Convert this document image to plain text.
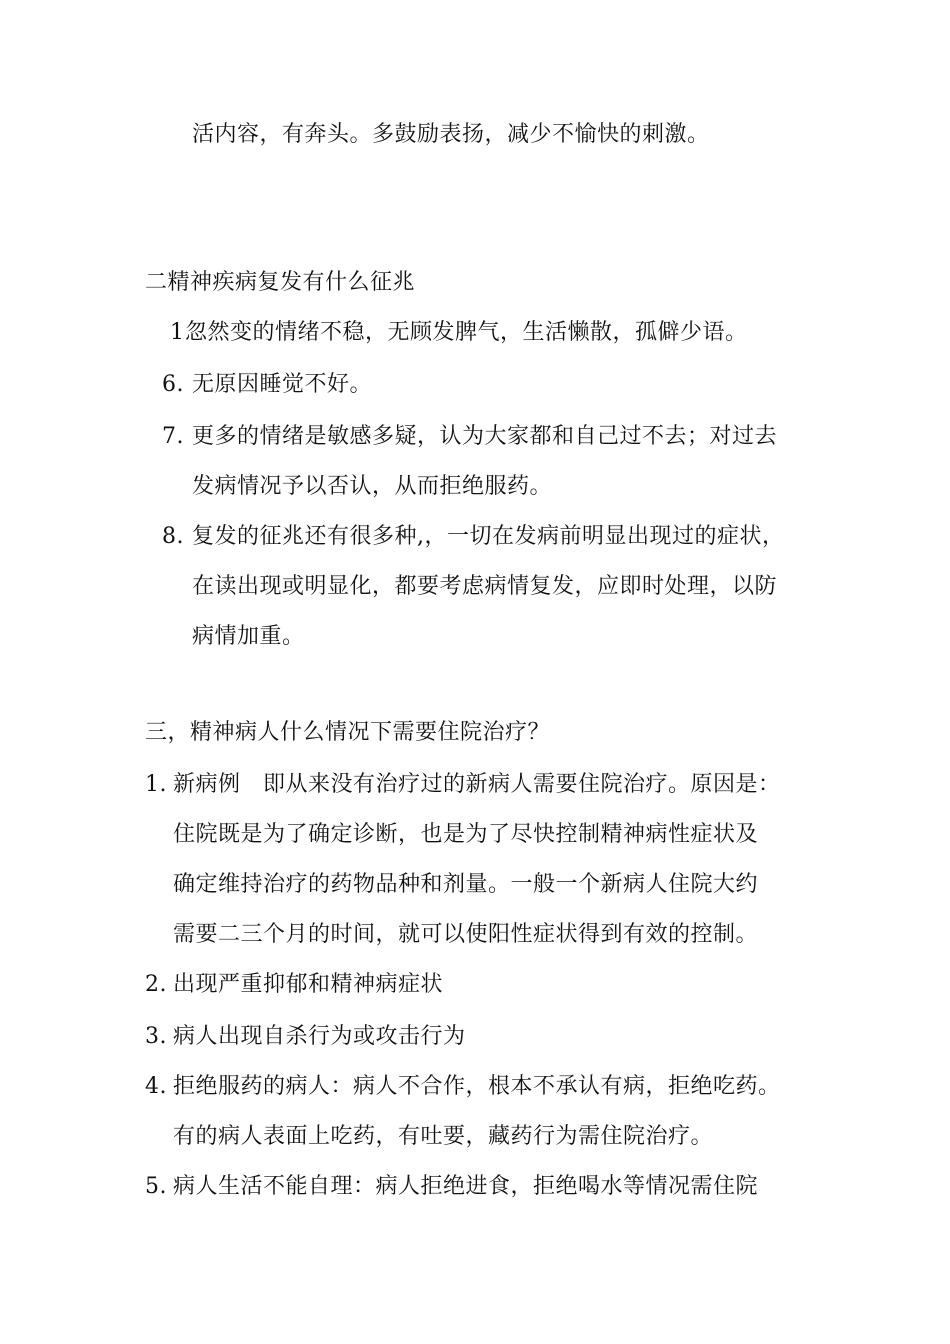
活内容，有奔头。多鼓励表扬，减少不愉快的刺激。
二精神疾病复发有什么征兆
1 忽然变的情绪不稳，无顾发脾气，生活懒散，孤僻少语。
6. 无原因睡觉不好。
7. 更多的情绪是敏感多疑，认为大家都和自己过不去；对过去
发病情况予以否认，从而拒绝服药。
8. 复发的征兆还有很多种,，一切在发病前明显出现过的症状，
在读出现或明显化，都要考虑病情复发，应即时处理，以防
病情加重。
三，精神病人什么情况下需要住院治疗？
1. 新病例　即从来没有治疗过的新病人需要住院治疗。原因是：
住院既是为了确定诊断，也是为了尽快控制精神病性症状及
确定维持治疗的药物品种和剂量。一般一个新病人住院大约
需要二三个月的时间，就可以使阳性症状得到有效的控制。
2. 出现严重抑郁和精神病症状
3. 病人出现自杀行为或攻击行为
4. 拒绝服药的病人：病人不合作，根本不承认有病，拒绝吃药。
有的病人表面上吃药，有吐要，藏药行为需住院治疗。
5. 病人生活不能自理：病人拒绝进食，拒绝喝水等情况需住院
